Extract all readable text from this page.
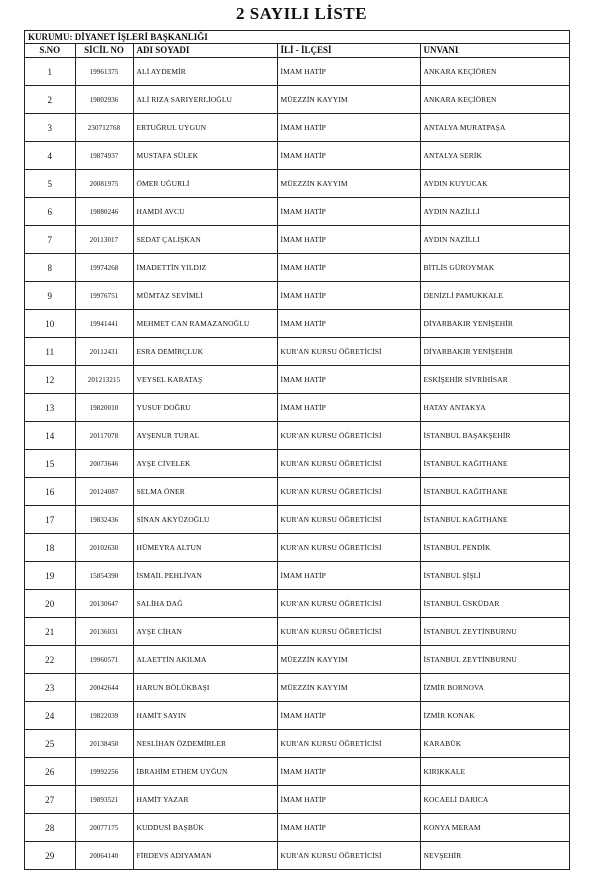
2 SAYILI LİSTE
KURUMU: DİYANET İŞLERİ BAŞKANLIĞI
S.NO	SİCİL NO	ADI SOYADI	İLİ - İLÇESİ	UNVANI
1	19961375	ALİ AYDEMİR	İMAM HATİP	ANKARA KEÇİÖREN
2	19802936	ALİ RIZA SARIYERLİOĞLU	MÜEZZİN KAYYIM	ANKARA KEÇİÖREN
3	230712768	ERTUĞRUL UYGUN	İMAM HATİP	ANTALYA MURATPAŞA
4	19874937	MUSTAFA SÜLEK	İMAM HATİP	ANTALYA SERİK
5	20081975	ÖMER UĞURLİ	MÜEZZİN KAYYIM	AYDIN KUYUCAK
6	19880246	HAMDİ AVCU	İMAM HATİP	AYDIN NAZİLLİ
7	20113017	SEDAT ÇALIŞKAN	İMAM HATİP	AYDIN NAZİLLİ
8	19974268	İMADETTİN YILDIZ	İMAM HATİP	BİTLİS GÜROYMAK
9	19976751	MÜMTAZ SEVİMLİ	İMAM HATİP	DENİZLİ PAMUKKALE
10	19941441	MEHMET CAN RAMAZANOĞLU	İMAM HATİP	DİYARBAKIR YENİŞEHİR
11	20112431	ESRA DEMİRÇLUK	KUR'AN KURSU ÖĞRETİCİSİ	DİYARBAKIR YENİŞEHİR
12	201213215	VEYSEL KARATAŞ	İMAM HATİP	ESKİŞEHİR SİVRİHİSAR
13	19820010	YUSUF DOĞRU	İMAM HATİP	HATAY ANTAKYA
14	20117078	AYŞENUR TURAL	KUR'AN KURSU ÖĞRETİCİSİ	İSTANBUL BAŞAKŞEHİR
15	20073646	AYŞE CİVELEK	KUR'AN KURSU ÖĞRETİCİSİ	İSTANBUL KAĞITHANE
16	20124087	SELMA ÖNER	KUR'AN KURSU ÖĞRETİCİSİ	İSTANBUL KAĞITHANE
17	19832436	SİNAN AKYÜZOĞLU	KUR'AN KURSU ÖĞRETİCİSİ	İSTANBUL KAĞITHANE
18	20102630	HÜMEYRA ALTUN	KUR'AN KURSU ÖĞRETİCİSİ	İSTANBUL PENDİK
19	15854390	İSMAİL PEHLİVAN	İMAM HATİP	İSTANBUL ŞİŞLİ
20	20130647	SALİHA DAĞ	KUR'AN KURSU ÖĞRETİCİSİ	İSTANBUL ÜSKÜDAR
21	20136031	AYŞE CİHAN	KUR'AN KURSU ÖĞRETİCİSİ	İSTANBUL ZEYTİNBURNU
22	19960571	ALAETTİN AKILMA	MÜEZZİN KAYYIM	İSTANBUL ZEYTİNBURNU
23	20042644	HARUN BÖLÜKBAŞI	MÜEZZİN KAYYIM	İZMİR BORNOVA
24	19822039	HAMİT SAYIN	İMAM HATİP	İZMİR KONAK
25	20138450	NESLİHAN ÖZDEMİRLER	KUR'AN KURSU ÖĞRETİCİSİ	KARABÜK
26	19992256	İBRAHİM ETHEM UYĞUN	İMAM HATİP	KIRIKKALE
27	19893521	HAMİT YAZAR	İMAM HATİP	KOCAELİ DARICA
28	20077175	KUDDUSİ BAŞBÜK	İMAM HATİP	KONYA MERAM
29	20064140	FİRDEVS ADIYAMAN	KUR'AN KURSU ÖĞRETİCİSİ	NEVŞEHİR
